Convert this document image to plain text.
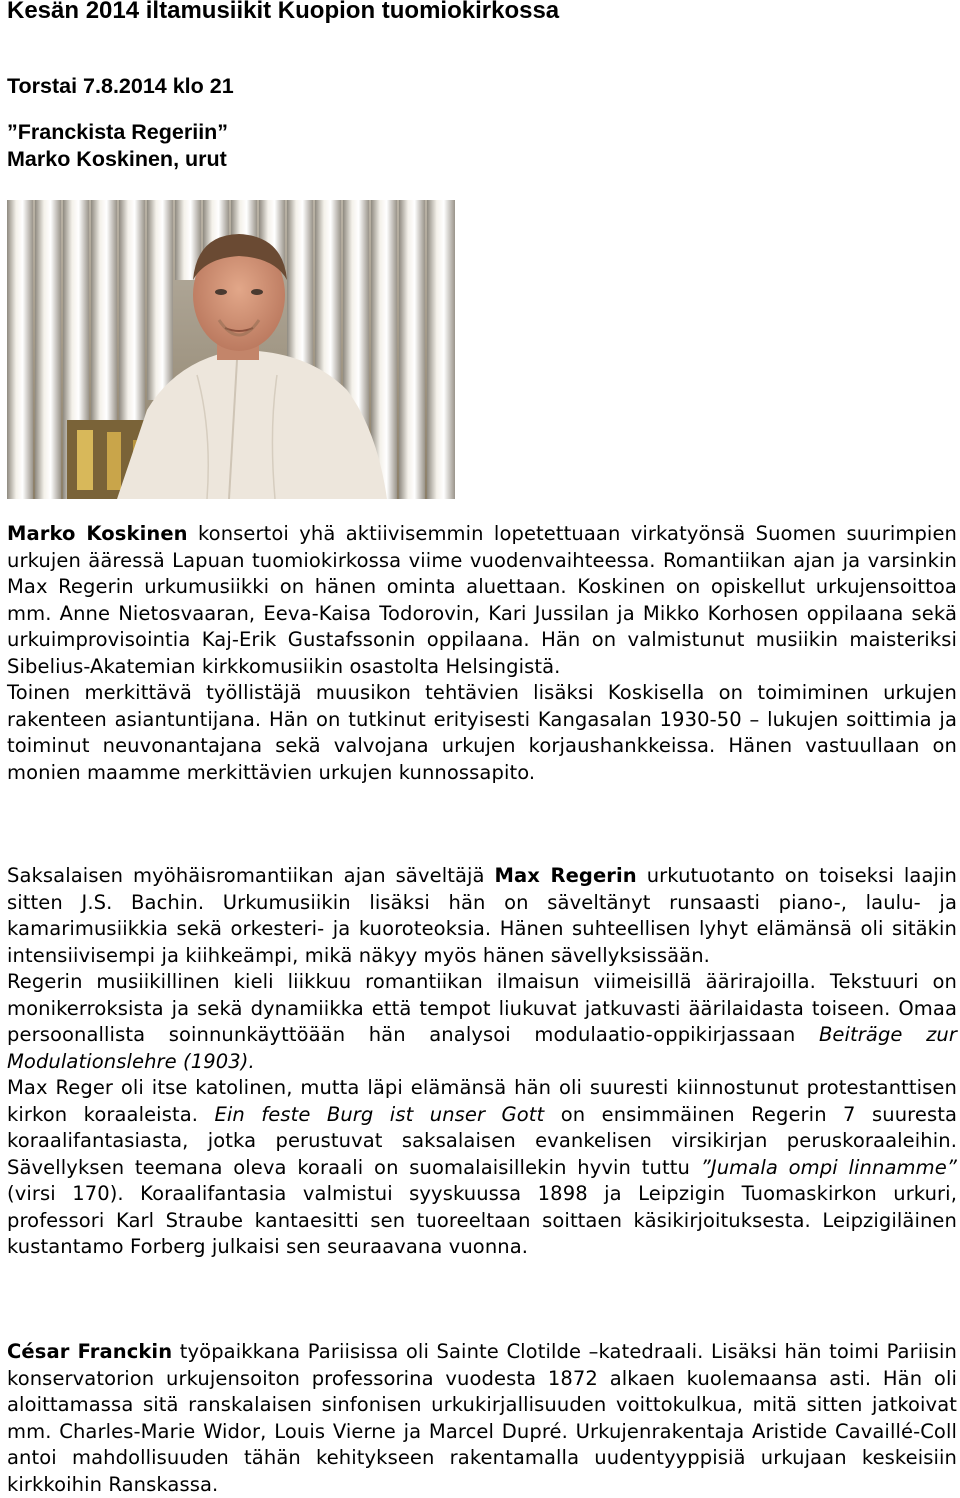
Kesän 2014 iltamusiikit Kuopion tuomiokirkossa

Torstai 7.8.2014 klo 21

”Franckista Regeriin”

Marko Koskinen, urut

Marko Koskinen konsertoi yhä aktiivisemmin lopetettuaan virkatyönsä Suomen suurimpien urkujen ääressä Lapuan tuomiokirkossa viime vuodenvaihteessa. Romantiikan ajan ja varsinkin Max Regerin urkumusiikki on hänen ominta aluettaan. Koskinen on opiskellut urkujensoittoa mm. Anne Nietosvaaran, Eeva-Kaisa Todorovin, Kari Jussilan ja Mikko Korhosen oppilaana sekä urkuimprovisointia Kaj-Erik Gustafssonin oppilaana. Hän on valmistunut musiikin maisteriksi Sibelius-Akatemian kirkkomusiikin osastolta Helsingistä.
Toinen merkittävä työllistäjä muusikon tehtävien lisäksi Koskisella on toimiminen urkujen rakenteen asiantuntijana. Hän on tutkinut erityisesti Kangasalan 1930-50 – lukujen soittimia ja toiminut neuvonantajana sekä valvojana urkujen korjaushankkeissa. Hänen vastuullaan on monien maamme merkittävien urkujen kunnossapito.

Saksalaisen myöhäisromantiikan ajan säveltäjä Max Regerin urkutuotanto on toiseksi laajin sitten J.S. Bachin. Urkumusiikin lisäksi hän on säveltänyt runsaasti piano-, laulu- ja kamarimusiikkia sekä orkesteri- ja kuoroteoksia. Hänen suhteellisen lyhyt elämänsä oli sitäkin intensiivisempi ja kiihkeämpi, mikä näkyy myös hänen sävellyksissään.
Regerin musiikillinen kieli liikkuu romantiikan ilmaisun viimeisillä äärirajoilla. Tekstuuri on monikerroksista ja sekä dynamiikka että tempot liukuvat jatkuvasti äärilaidasta toiseen. Omaa persoonallista soinnunkäyttöään hän analysoi modulaatio-oppikirjassaan Beiträge zur Modulationslehre (1903).
Max Reger oli itse katolinen, mutta läpi elämänsä hän oli suuresti kiinnostunut protestanttisen kirkon koraaleista. Ein feste Burg ist unser Gott on ensimmäinen Regerin 7 suuresta koraalifantasiasta, jotka perustuvat saksalaisen evankelisen virsikirjan peruskoraaleihin. Sävellyksen teemana oleva koraali on suomalaisillekin hyvin tuttu ”Jumala ompi linnamme” (virsi 170). Koraalifantasia valmistui syyskuussa 1898 ja Leipzigin Tuomaskirkon urkuri, professori Karl Straube kantaesitti sen tuoreeltaan soittaen käsikirjoituksesta. Leipzigiläinen kustantamo Forberg julkaisi sen seuraavana vuonna.

César Franckin työpaikkana Pariisissa oli Sainte Clotilde –katedraali. Lisäksi hän toimi Pariisin konservatorion urkujensoiton professorina vuodesta 1872 alkaen kuolemaansa asti. Hän oli aloittamassa sitä ranskalaisen sinfonisen urkukirjallisuuden voittokulkua, mitä sitten jatkoivat mm. Charles-Marie Widor, Louis Vierne ja Marcel Dupré. Urkujenrakentaja Aristide Cavaillé-Coll antoi mahdollisuuden tähän kehitykseen rakentamalla uudentyyppisiä urkujaan keskeisiin kirkkoihin Ranskassa.
